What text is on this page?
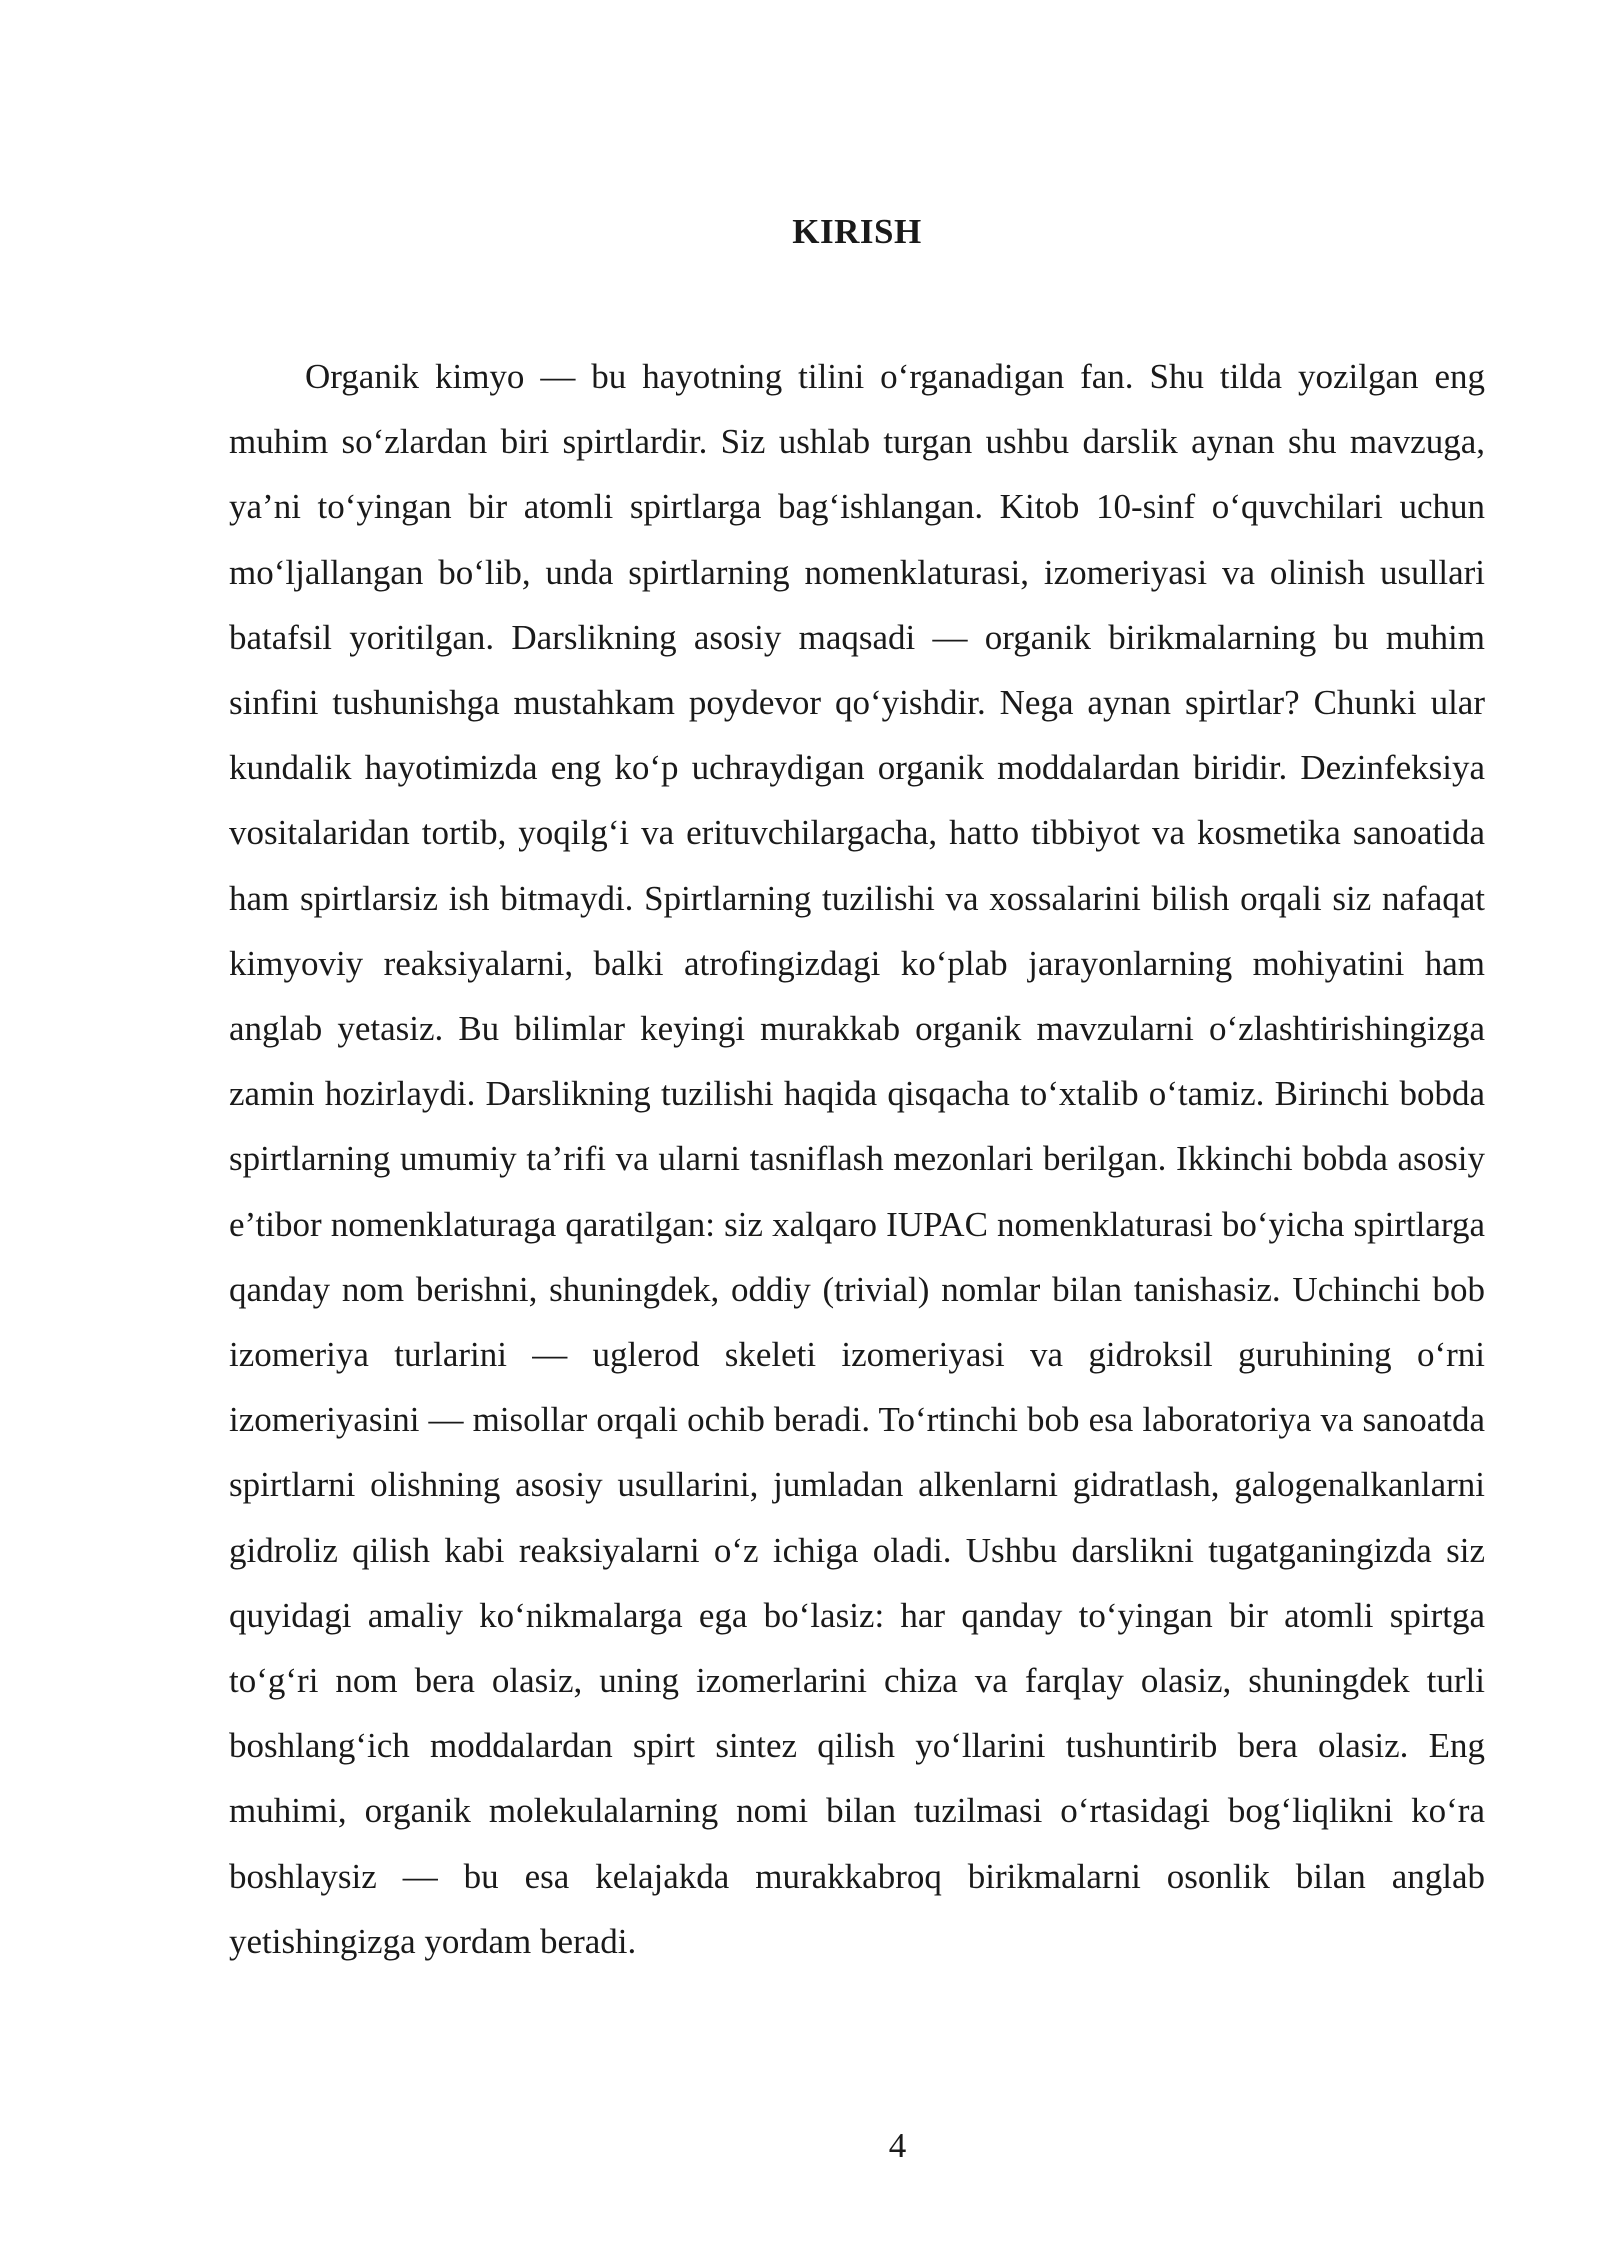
KIRISH

Organik kimyo — bu hayotning tilini o‘rganadigan fan. Shu tilda yozilgan eng muhim so‘zlardan biri spirtlardir. Siz ushlab turgan ushbu darslik aynan shu mavzuga, ya’ni to‘yingan bir atomli spirtlarga bag‘ishlangan. Kitob 10-sinf o‘quvchilari uchun mo‘ljallangan bo‘lib, unda spirtlarning nomenklaturasi, izomeriyasi va olinish usullari batafsil yoritilgan. Darslikning asosiy maqsadi — organik birikmalarning bu muhim sinfini tushunishga mustahkam poydevor qo‘yishdir. Nega aynan spirtlar? Chunki ular kundalik hayotimizda eng ko‘p uchraydigan organik moddalardan biridir. Dezinfeksiya vositalaridan tortib, yoqilg‘i va erituvchilargacha, hatto tibbiyot va kosmetika sanoatida ham spirtlarsiz ish bitmaydi. Spirtlarning tuzilishi va xossalarini bilish orqali siz nafaqat kimyoviy reaksiyalarni, balki atrofingizdagi ko‘plab jarayonlarning mohiyatini ham anglab yetasiz. Bu bilimlar keyingi murakkab organik mavzularni o‘zlashtirishingizga zamin hozirlaydi. Darslikning tuzilishi haqida qisqacha to‘xtalib o‘tamiz. Birinchi bobda spirtlarning umumiy ta’rifi va ularni tasniflash mezonlari berilgan. Ikkinchi bobda asosiy e’tibor nomenklaturaga qaratilgan: siz xalqaro IUPAC nomenklaturasi bo‘yicha spirtlarga qanday nom berishni, shuningdek, oddiy (trivial) nomlar bilan tanishasiz. Uchinchi bob izomeriya turlarini — uglerod skeleti izomeriyasi va gidroksil guruhining o‘rni izomeriyasini — misollar orqali ochib beradi. To‘rtinchi bob esa laboratoriya va sanoatda spirtlarni olishning asosiy usullarini, jumladan alkenlarni gidratlash, galogenalkanlarni gidroliz qilish kabi reaksiyalarni o‘z ichiga oladi. Ushbu darslikni tugatganingizda siz quyidagi amaliy ko‘nikmalarga ega bo‘lasiz: har qanday to‘yingan bir atomli spirtga to‘g‘ri nom bera olasiz, uning izomerlarini chiza va farqlay olasiz, shuningdek turli boshlang‘ich moddalardan spirt sintez qilish yo‘llarini tushuntirib bera olasiz. Eng muhimi, organik molekulalarning nomi bilan tuzilmasi o‘rtasidagi bog‘liqlikni ko‘ra boshlaysiz — bu esa kelajakda murakkabroq birikmalarni osonlik bilan anglab yetishingizga yordam beradi.

4
